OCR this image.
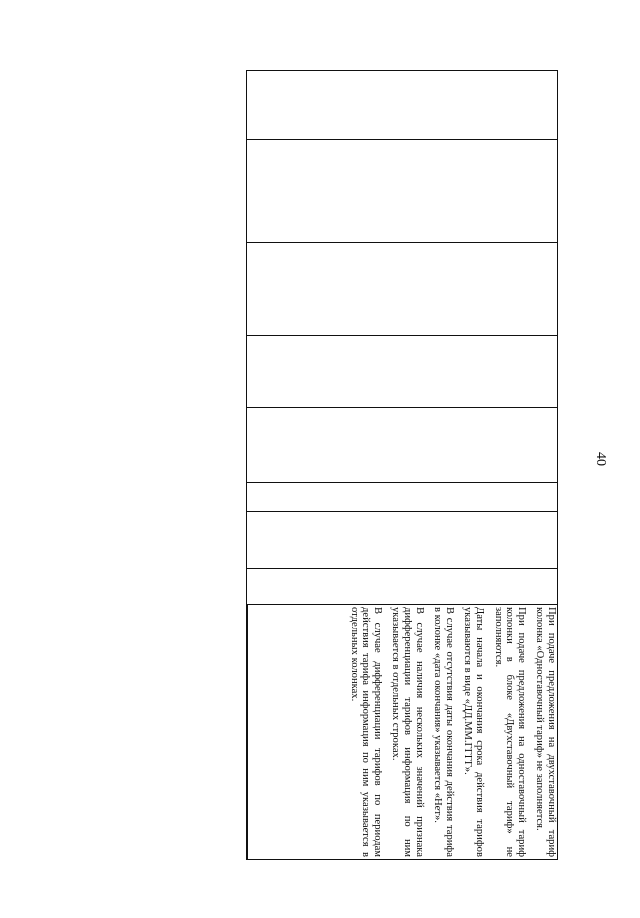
40

При подаче предложения на двухставочный тариф колонка «Одноставочный тариф» не заполняется.

При подаче предложения на одноставочный тариф колонки в блоке «Двухставочный тариф» не заполняются.

Даты начала и окончания срока действия тарифов указываются в виде «ДД.ММ.ГГГГ».

В случае отсутствия даты окончания действия тарифа в колонке «дата окончания» указывается «Нет».

В случае наличия нескольких значений признака дифференциации тарифов информация по ним указывается в отдельных строках.

В случае дифференциации тарифов по периодам действия тарифа информация по ним указывается в отдельных колонках.
